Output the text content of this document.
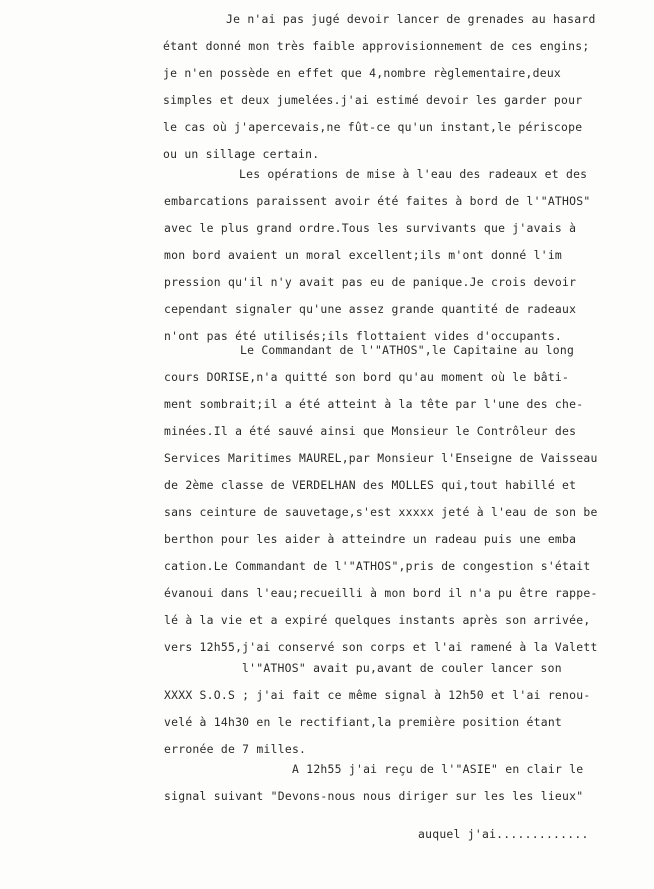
Je n'ai pas jugé devoir lancer de grenades au hasard
étant donné mon très faible approvisionnement de ces engins;
je n'en possède en effet que 4,nombre règlementaire,deux
simples et deux jumelées.j'ai estimé devoir les garder pour
le cas où j'apercevais,ne fût-ce qu'un instant,le périscope
ou un sillage certain.
Les opérations de mise à l'eau des radeaux et des
embarcations paraissent avoir été faites à bord de l'"ATHOS"
avec le plus grand ordre.Tous les survivants que j'avais à
mon bord avaient un moral excellent;ils m'ont donné l'im
pression qu'il n'y avait pas eu de panique.Je crois devoir
cependant signaler qu'une assez grande quantité de radeaux
n'ont pas été utilisés;ils flottaient vides d'occupants.
Le Commandant de l'"ATHOS",le Capitaine au long
cours DORISE,n'a quitté son bord qu'au moment où le bâti-
ment sombrait;il a été atteint à la tête par l'une des che-
minées.Il a été sauvé ainsi que Monsieur le Contrôleur des
Services Maritimes MAUREL,par Monsieur l'Enseigne de Vaisseau
de 2ème classe de VERDELHAN des MOLLES qui,tout habillé et
sans ceinture de sauvetage,s'est xxxxx jeté à l'eau de son be
berthon pour les aider à atteindre un radeau puis une emba
cation.Le Commandant de l'"ATHOS",pris de congestion s'était
évanoui dans l'eau;recueilli à mon bord il n'a pu être rappe-
lé à la vie et a expiré quelques instants après son arrivée,
vers 12h55,j'ai conservé son corps et l'ai ramené à la Valett
l'"ATHOS" avait pu,avant de couler lancer son
XXXX S.O.S ; j'ai fait ce même signal à 12h50 et l'ai renou-
velé à 14h30 en le rectifiant,la première position étant
erronée de 7 milles.
A 12h55 j'ai reçu de l'"ASIE" en clair le
signal suivant "Devons-nous nous diriger sur les les lieux"
auquel j'ai.............
